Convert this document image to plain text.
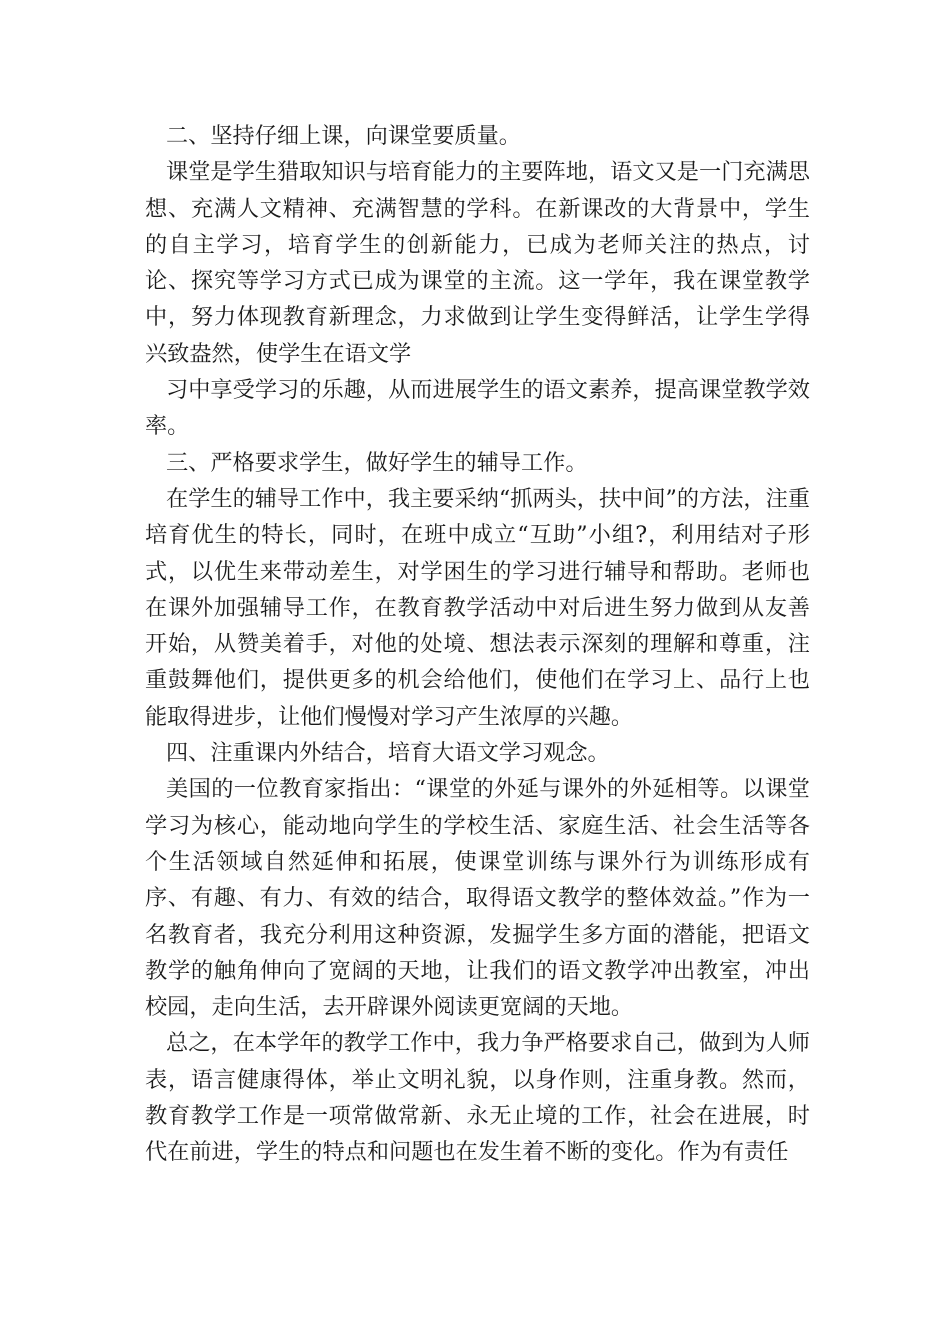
二、坚持仔细上课，向课堂要质量。

课堂是学生猎取知识与培育能力的主要阵地，语文又是一门充满思想、充满人文精神、充满智慧的学科。在新课改的大背景中，学生的自主学习，培育学生的创新能力，已成为老师关注的热点，讨论、探究等学习方式已成为课堂的主流。这一学年，我在课堂教学中，努力体现教育新理念，力求做到让学生变得鲜活，让学生学得兴致盎然，使学生在语文学

习中享受学习的乐趣，从而进展学生的语文素养，提高课堂教学效率。

三、严格要求学生，做好学生的辅导工作。

在学生的辅导工作中，我主要采纳“抓两头，扶中间”的方法，注重培育优生的特长，同时，在班中成立“互助”小组?，利用结对子形式，以优生来带动差生，对学困生的学习进行辅导和帮助。老师也在课外加强辅导工作，在教育教学活动中对后进生努力做到从友善开始，从赞美着手，对他的处境、想法表示深刻的理解和尊重，注重鼓舞他们，提供更多的机会给他们，使他们在学习上、品行上也能取得进步，让他们慢慢对学习产生浓厚的兴趣。

四、注重课内外结合，培育大语文学习观念。

美国的一位教育家指出：“课堂的外延与课外的外延相等。以课堂学习为核心，能动地向学生的学校生活、家庭生活、社会生活等各个生活领域自然延伸和拓展，使课堂训练与课外行为训练形成有序、有趣、有力、有效的结合，取得语文教学的整体效益。”作为一名教育者，我充分利用这种资源，发掘学生多方面的潜能，把语文教学的触角伸向了宽阔的天地，让我们的语文教学冲出教室，冲出校园，走向生活，去开辟课外阅读更宽阔的天地。

总之，在本学年的教学工作中，我力争严格要求自己，做到为人师表，语言健康得体，举止文明礼貌，以身作则，注重身教。然而，教育教学工作是一项常做常新、永无止境的工作，社会在进展，时代在前进，学生的特点和问题也在发生着不断的变化。作为有责任
